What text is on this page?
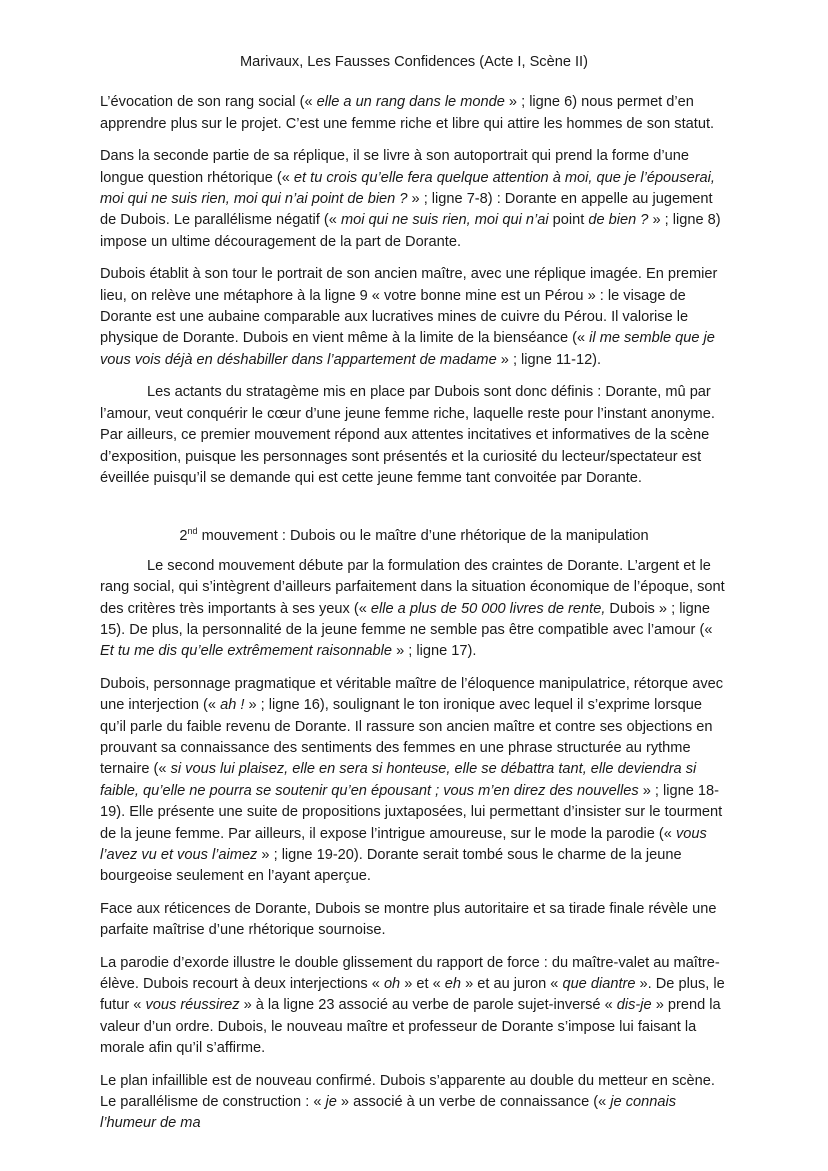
Marivaux, Les Fausses Confidences (Acte I, Scène II)

L’évocation de son rang social (« elle a un rang dans le monde » ; ligne 6) nous permet d’en apprendre plus sur le projet. C’est une femme riche et libre qui attire les hommes de son statut.

Dans la seconde partie de sa réplique, il se livre à son autoportrait qui prend la forme d’une longue question rhétorique (« et tu crois qu’elle fera quelque attention à moi, que je l’épouserai, moi qui ne suis rien, moi qui n’ai point de bien ? » ; ligne 7-8) : Dorante en appelle au jugement de Dubois. Le parallélisme négatif (« moi qui ne suis rien, moi qui n’ai point de bien ? » ; ligne 8) impose un ultime découragement de la part de Dorante.

Dubois établit à son tour le portrait de son ancien maître, avec une réplique imagée. En premier lieu, on relève une métaphore à la ligne 9 « votre bonne mine est un Pérou » : le visage de Dorante est une aubaine comparable aux lucratives mines de cuivre du Pérou. Il valorise le physique de Dorante. Dubois en vient même à la limite de la bienséance (« il me semble que je vous vois déjà en déshabiller dans l’appartement de madame » ; ligne 11-12).

Les actants du stratagème mis en place par Dubois sont donc définis : Dorante, mû par l’amour, veut conquérir le cœur d’une jeune femme riche, laquelle reste pour l’instant anonyme. Par ailleurs, ce premier mouvement répond aux attentes incitatives et informatives de la scène d’exposition, puisque les personnages sont présentés et la curiosité du lecteur/spectateur est éveillée puisqu’il se demande qui est cette jeune femme tant convoitée par Dorante.

2nd mouvement : Dubois ou le maître d’une rhétorique de la manipulation

Le second mouvement débute par la formulation des craintes de Dorante. L’argent et le rang social, qui s’intègrent d’ailleurs parfaitement dans la situation économique de l’époque, sont des critères très importants à ses yeux (« elle a plus de 50 000 livres de rente, Dubois » ; ligne 15). De plus, la personnalité de la jeune femme ne semble pas être compatible avec l’amour (« Et tu me dis qu’elle extrêmement raisonnable » ; ligne 17).

Dubois, personnage pragmatique et véritable maître de l’éloquence manipulatrice, rétorque avec une interjection (« ah ! » ; ligne 16), soulignant le ton ironique avec lequel il s’exprime lorsque qu’il parle du faible revenu de Dorante. Il rassure son ancien maître et contre ses objections en prouvant sa connaissance des sentiments des femmes en une phrase structurée au rythme ternaire (« si vous lui plaisez, elle en sera si honteuse, elle se débattra tant, elle deviendra si faible, qu’elle ne pourra se soutenir qu’en épousant ; vous m’en direz des nouvelles » ; ligne 18-19). Elle présente une suite de propositions juxtaposées, lui permettant d’insister sur le tourment de la jeune femme. Par ailleurs, il expose l’intrigue amoureuse, sur le mode la parodie (« vous l’avez vu et vous l’aimez » ; ligne 19-20). Dorante serait tombé sous le charme de la jeune bourgeoise seulement en l’ayant aperçue.

Face aux réticences de Dorante, Dubois se montre plus autoritaire et sa tirade finale révèle une parfaite maîtrise d’une rhétorique sournoise.

La parodie d’exorde illustre le double glissement du rapport de force : du maître-valet au maître-élève. Dubois recourt à deux interjections « oh » et « eh » et au juron « que diantre ». De plus, le futur « vous réussirez » à la ligne 23 associé au verbe de parole sujet-inversé « dis-je » prend la valeur d’un ordre. Dubois, le nouveau maître et professeur de Dorante s’impose lui faisant la morale afin qu’il s’affirme.

Le plan infaillible est de nouveau confirmé. Dubois s’apparente au double du metteur en scène. Le parallélisme de construction : « je » associé à un verbe de connaissance (« je connais l’humeur de ma
